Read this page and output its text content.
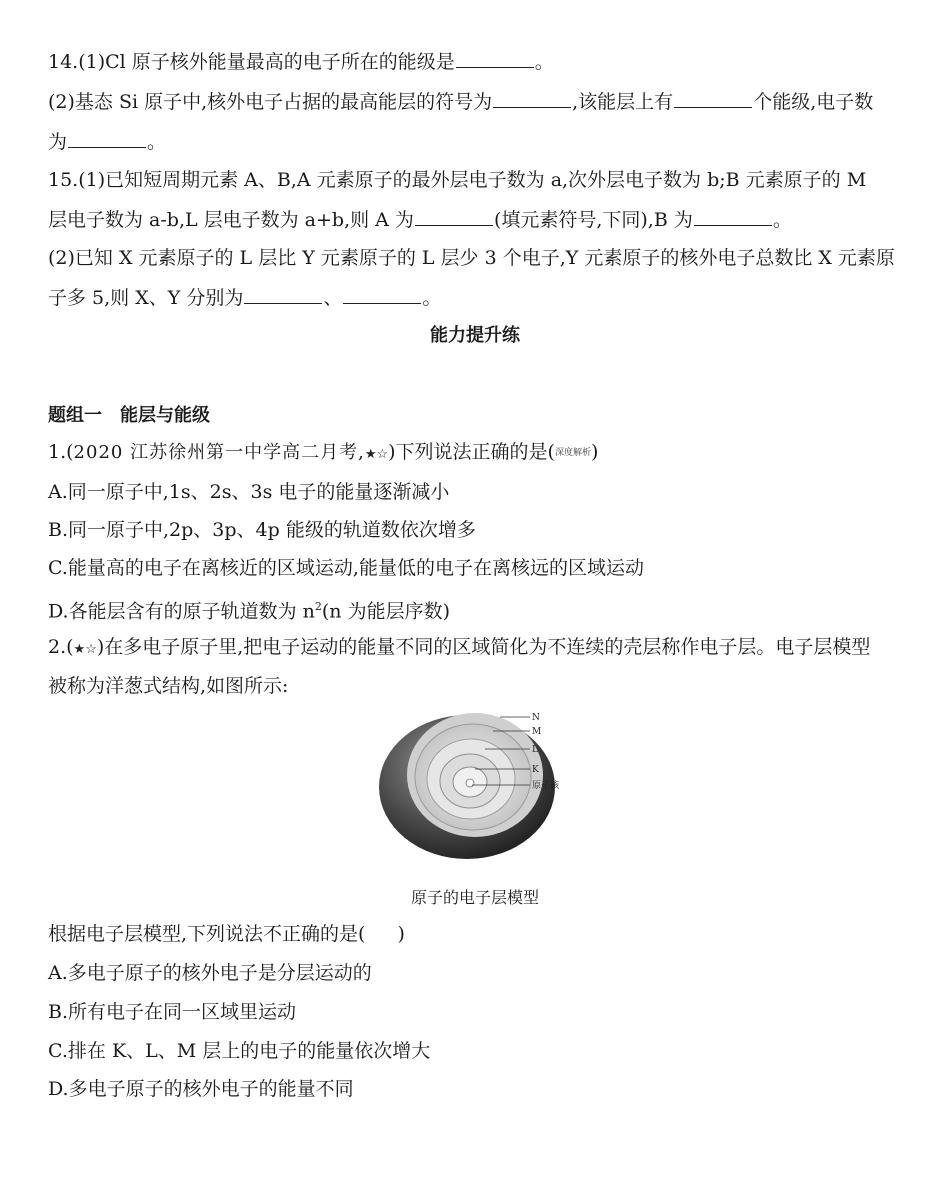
14.(1)Cl 原子核外能量最高的电子所在的能级是	。
(2)基态 Si 原子中,核外电子占据的最高能层的符号为	,该能层上有	个能级,电子数
为	。
15.(1)已知短周期元素 A、B,A 元素原子的最外层电子数为 a,次外层电子数为 b;B 元素原子的 M
层电子数为 a-b,L 层电子数为 a+b,则 A 为	(填元素符号,下同),B 为	。
(2)已知 X 元素原子的 L 层比 Y 元素原子的 L 层少 3 个电子,Y 元素原子的核外电子总数比 X 元素原
子多 5,则 X、Y 分别为	、	。
能力提升练
题组一　能层与能级
1.(2020 江苏徐州第一中学高二月考,★☆)下列说法正确的是(深度解析)
A.同一原子中,1s、2s、3s 电子的能量逐渐减小
B.同一原子中,2p、3p、4p 能级的轨道数依次增多
C.能量高的电子在离核近的区域运动,能量低的电子在离核远的区域运动
D.各能层含有的原子轨道数为 $n^2(n$ 为能层序数)
2.(★☆)在多电子原子里,把电子运动的能量不同的区域简化为不连续的壳层称作电子层。电子层模型
被称为洋葱式结构,如图所示:
N
M
L
K
原子核
原子的电子层模型
根据电子层模型,下列说法不正确的是( )
A.多电子原子的核外电子是分层运动的
B.所有电子在同一区域里运动
C.排在 K、L、M 层上的电子的能量依次增大
D.多电子原子的核外电子的能量不同
